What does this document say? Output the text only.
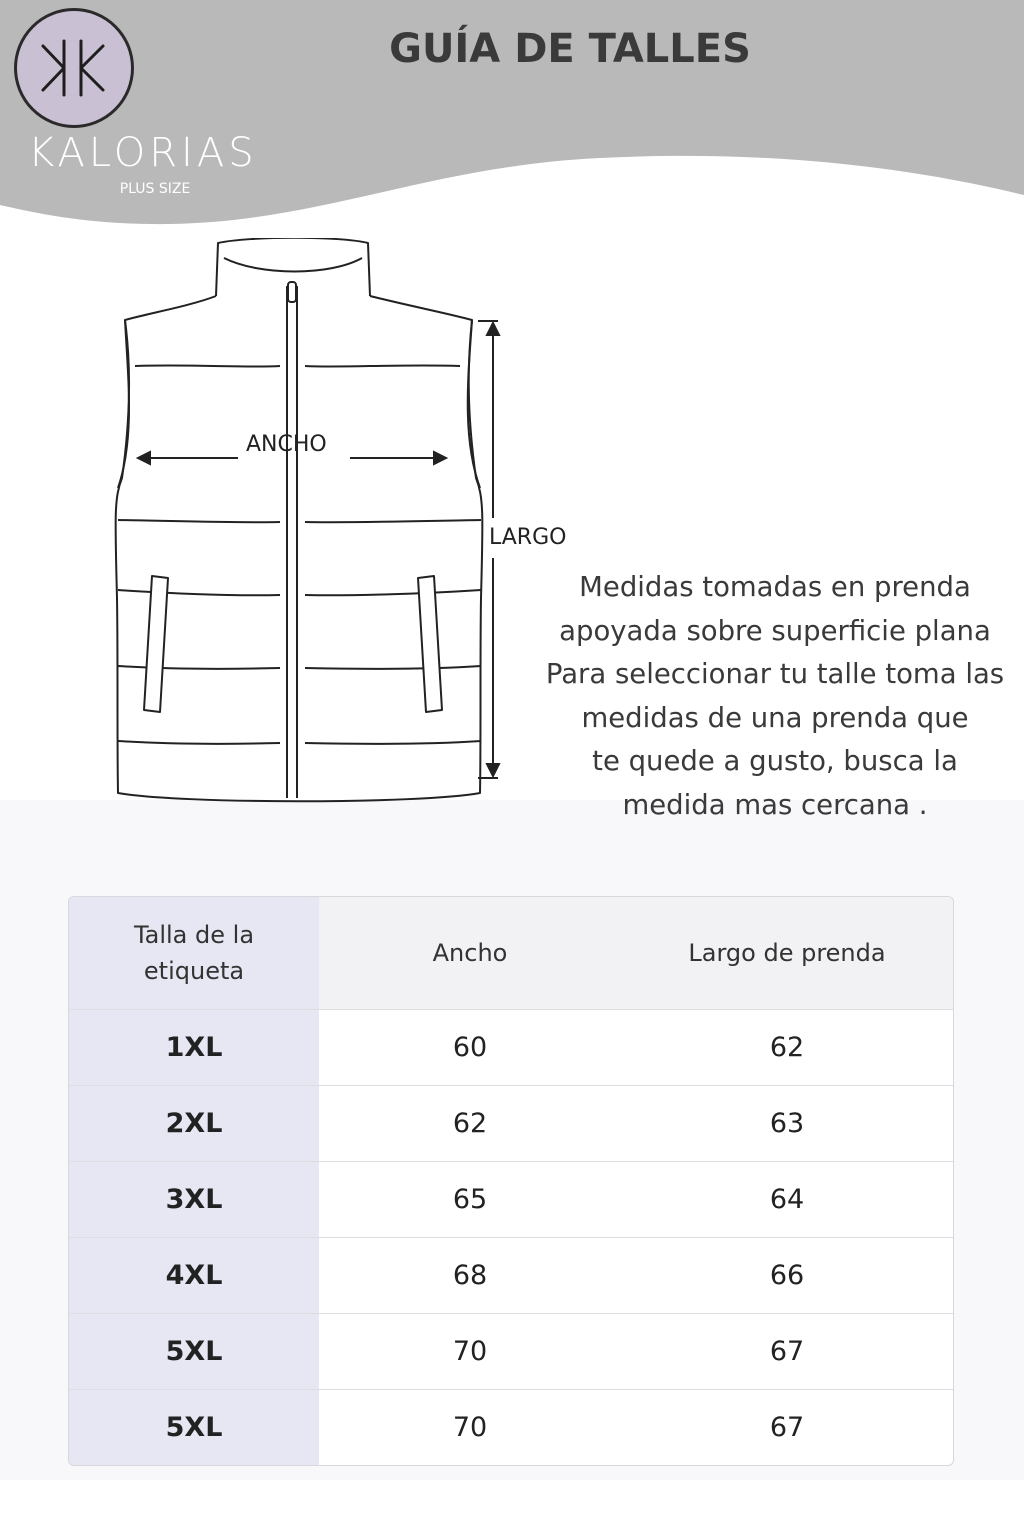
KALORIAS
PLUS SIZE
GUÍA DE TALLES
ANCHO
LARGO
Medidas tomadas en prenda
apoyada sobre superficie plana
Para seleccionar tu talle toma las
medidas de una prenda que
te quede a gusto, busca la
medida mas cercana .
Talla de la
etiqueta	Ancho	Largo de prenda
1XL	60	62
2XL	62	63
3XL	65	64
4XL	68	66
5XL	70	67
5XL	70	67
